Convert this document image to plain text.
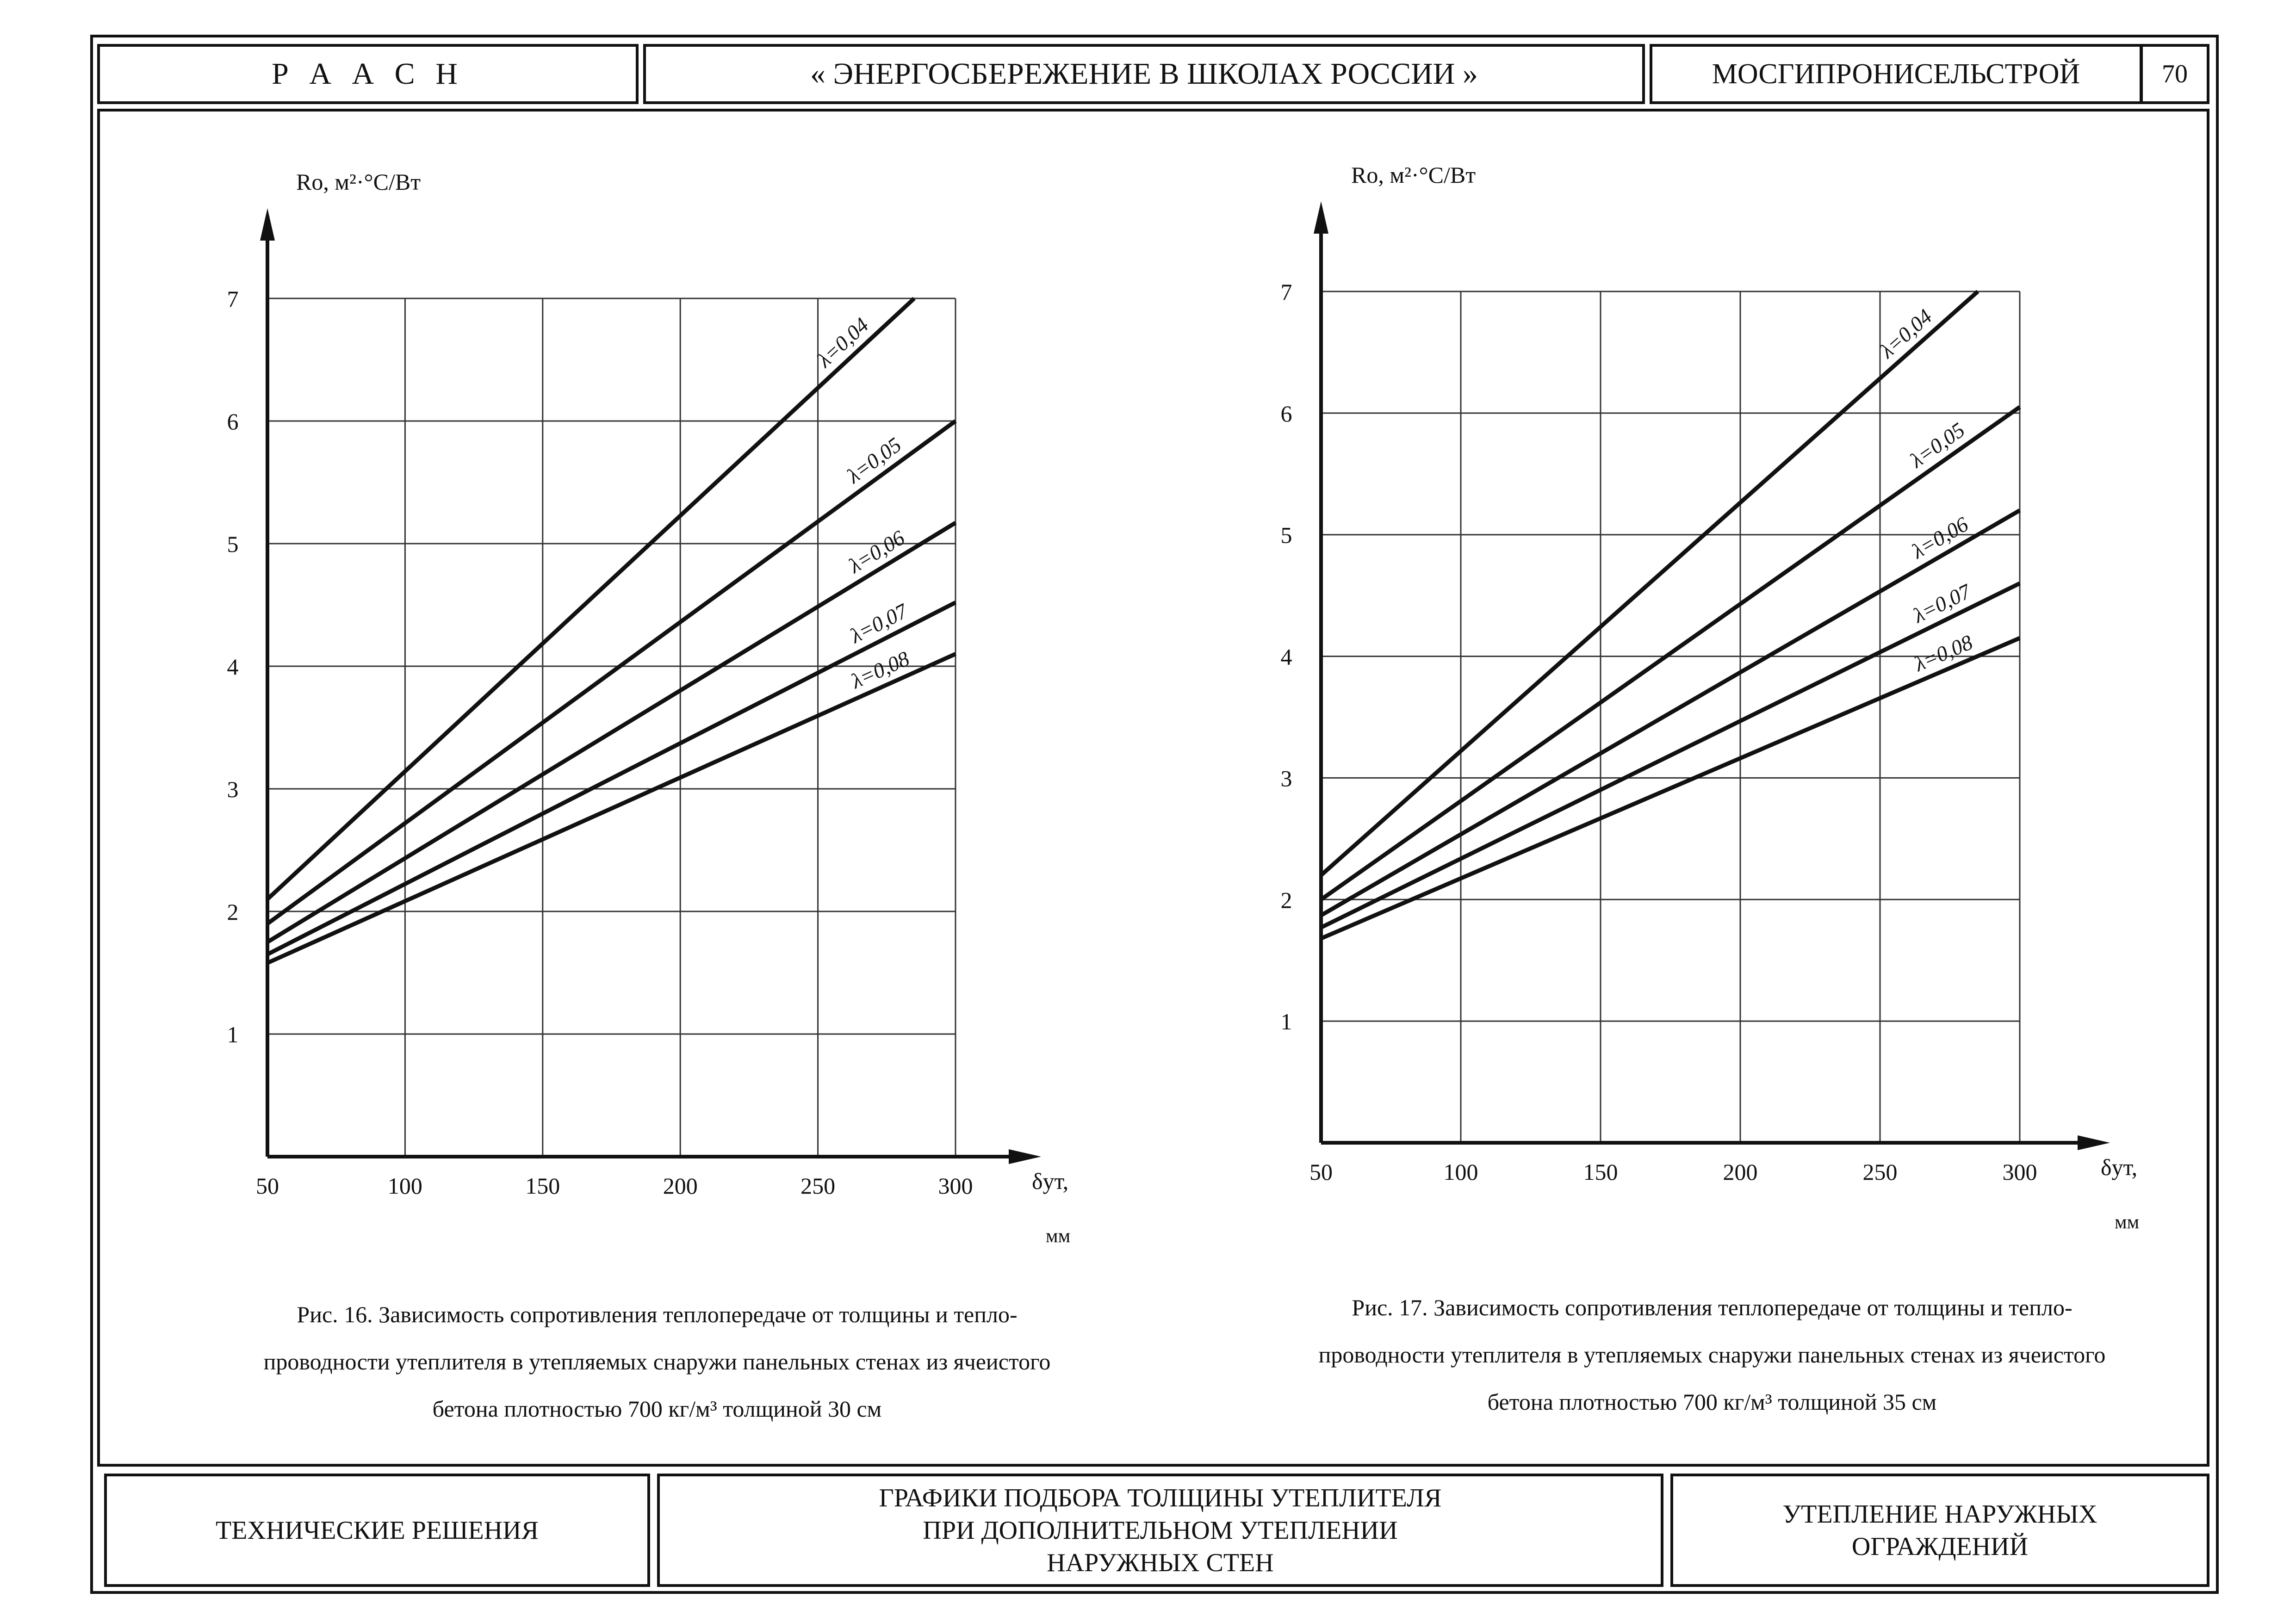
Р А А С Н	« ЭНЕРГОСБЕРЕЖЕНИЕ В ШКОЛАХ РОССИИ »	МОСГИПРОНИСЕЛЬСТРОЙ	70
ТЕХНИЧЕСКИЕ РЕШЕНИЯ
ГРАФИКИ ПОДБОРА ТОЛЩИНЫ УТЕПЛИТЕЛЯ
ПРИ ДОПОЛНИТЕЛЬНОМ УТЕПЛЕНИИ
НАРУЖНЫХ СТЕН
УТЕПЛЕНИЕ НАРУЖНЫХ
ОГРАЖДЕНИЙ
1
2
3
4
5
6
7
50	100	150	200	250	300
Ro, м²·°С/Вт
δут,
мм
λ=0,04
λ=0,05
λ=0,06
λ=0,07
λ=0,08
1
2
3
4
5
6
7
50	100	150	200	250	300
Ro, м²·°С/Вт
δут,
мм
λ=0,04
λ=0,05
λ=0,06
λ=0,07
λ=0,08
Рис. 16. Зависимость сопротивления теплопередаче от толщины и тепло-
проводности утеплителя в утепляемых снаружи панельных стенах из ячеистого
бетона плотностью 700 кг/м³ толщиной 30 см
Рис. 17. Зависимость сопротивления теплопередаче от толщины и тепло-
проводности утеплителя в утепляемых снаружи панельных стенах из ячеистого
бетона плотностью 700 кг/м³ толщиной 35 см
